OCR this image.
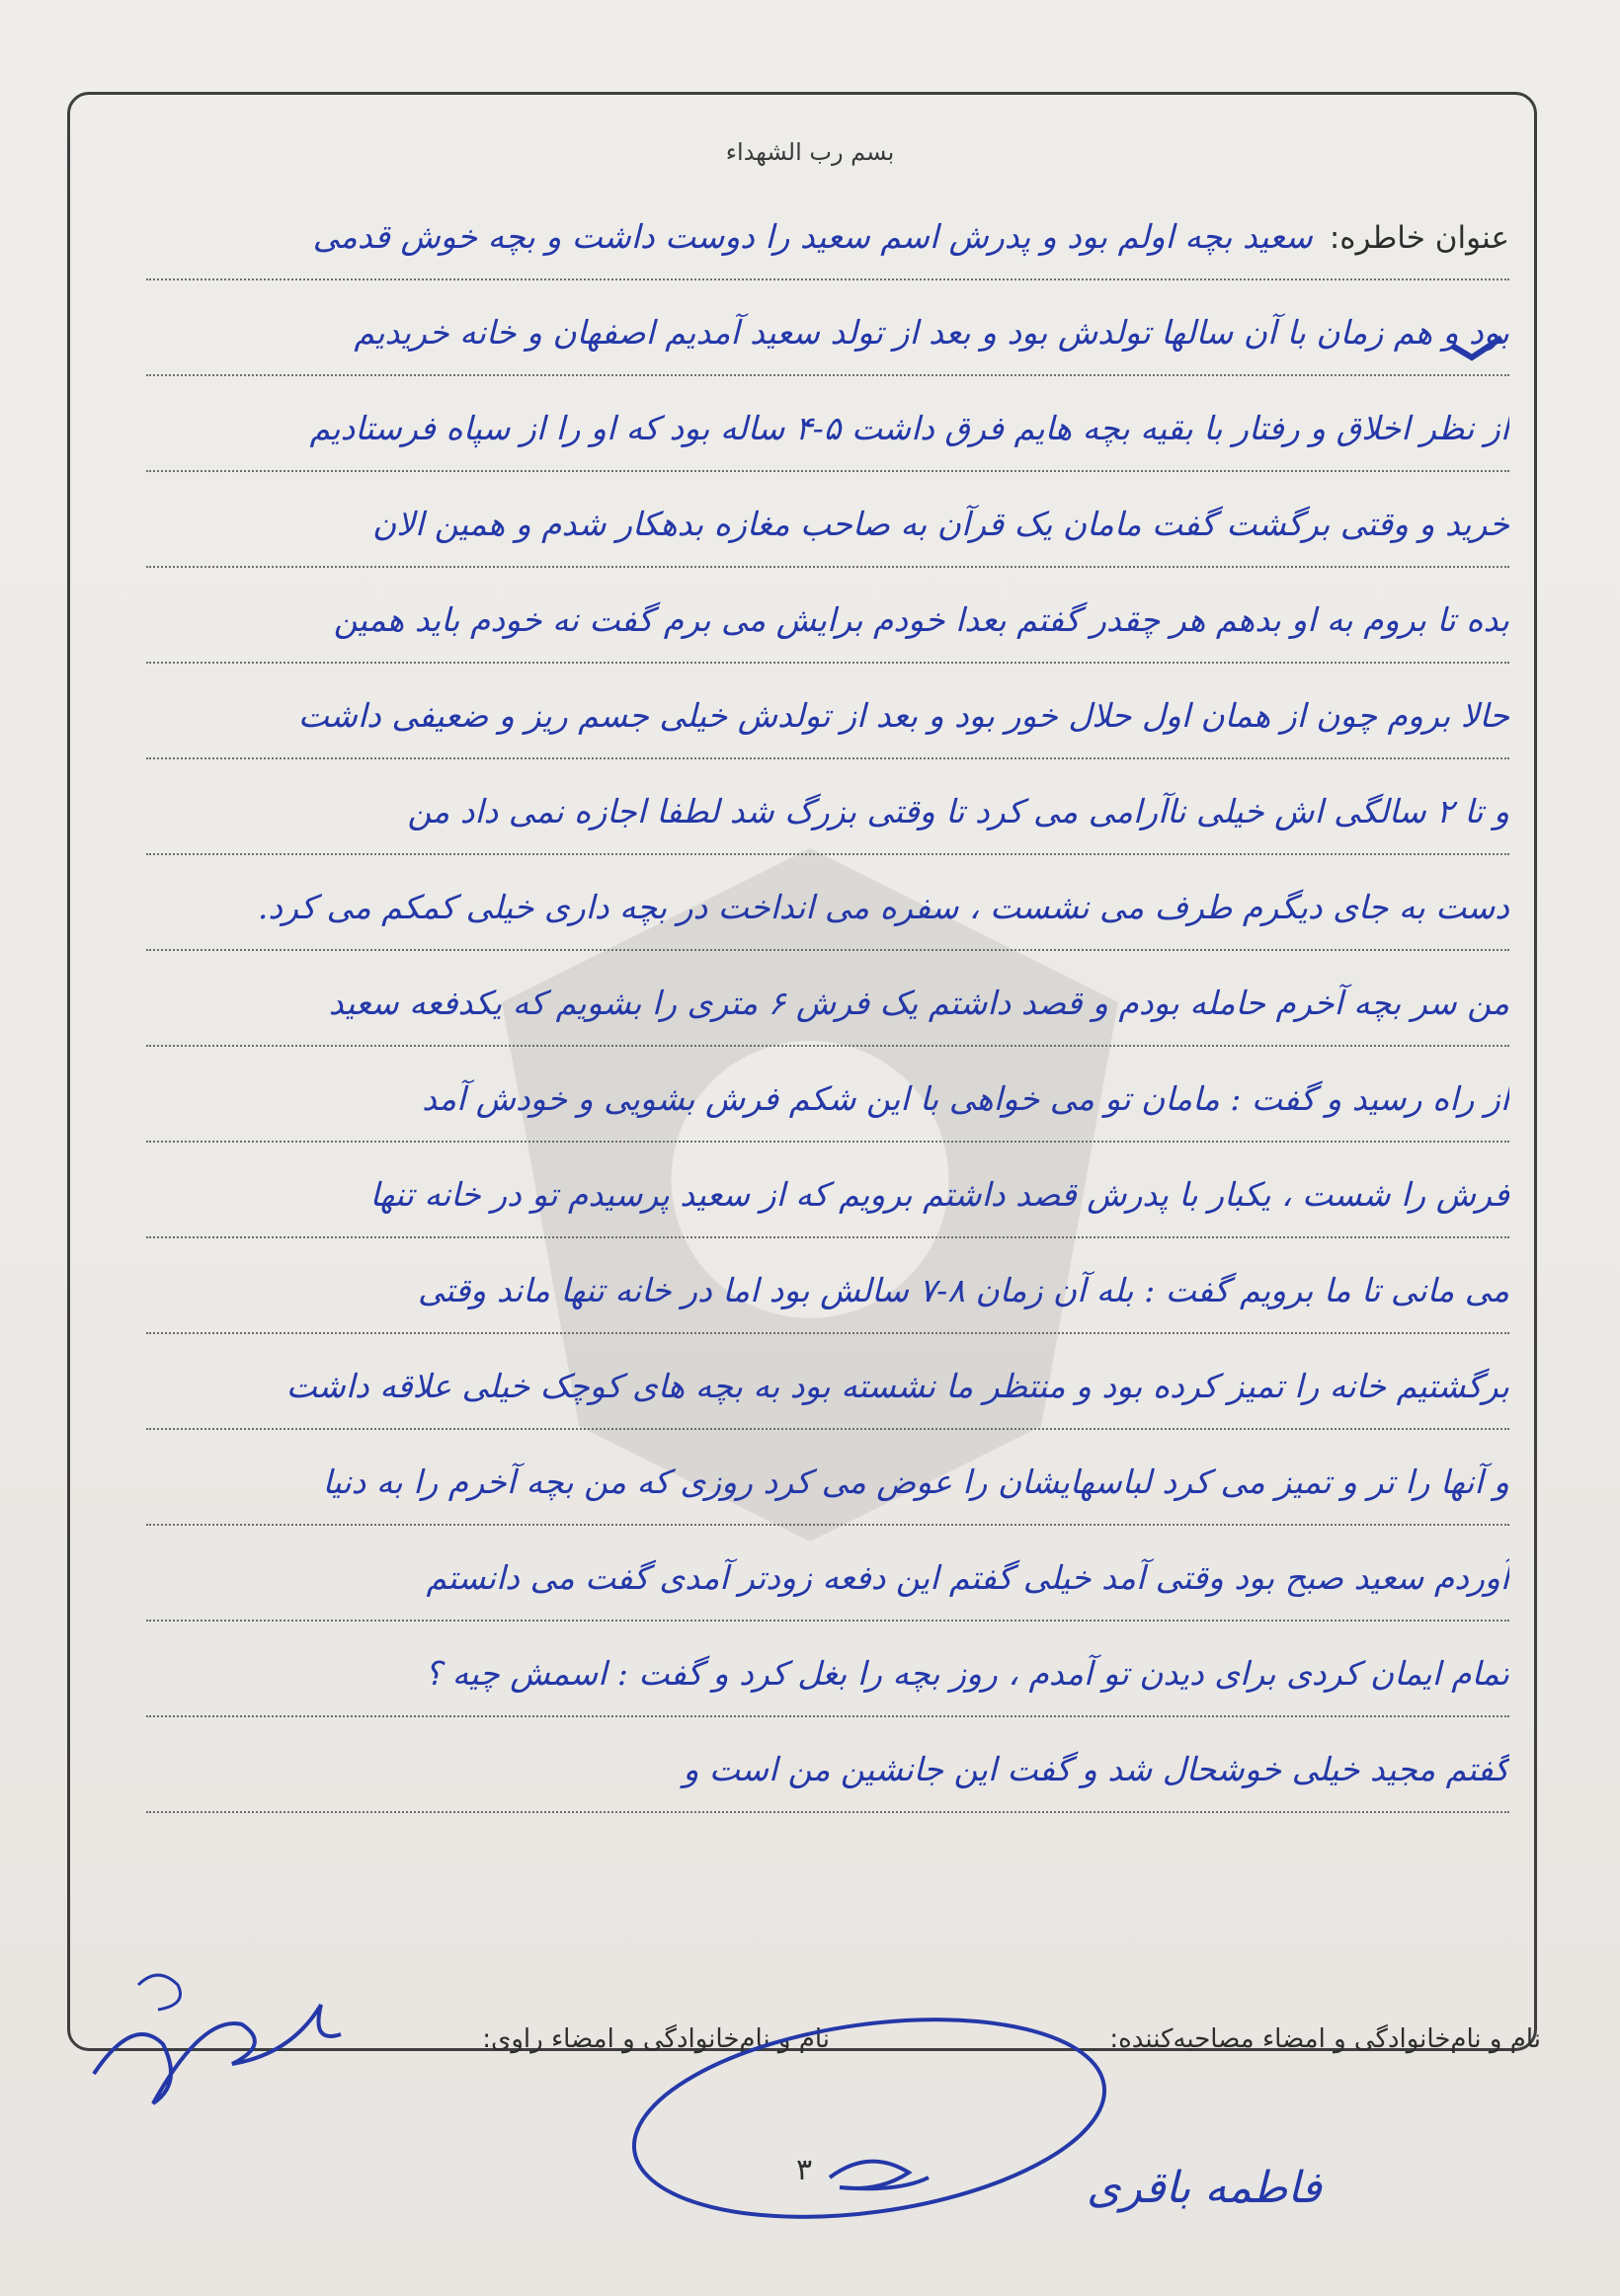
بسم رب الشهداء
عنوان خاطره: سعید بچه اولم بود و پدرش اسم سعید را دوست داشت و بچه خوش قدمی
بود و هم زمان با آن سالها تولدش بود و بعد از تولد سعید آمدیم اصفهان و خانه خریدیم
از نظر اخلاق و رفتار با بقیه بچه هایم فرق داشت ۵-۴ ساله بود که او را از سپاه فرستادیم
خرید و وقتی برگشت گفت مامان یک قرآن به صاحب مغازه بدهکار شدم و همین الان
بده تا بروم به او بدهم هر چقدر گفتم بعدا خودم برایش می برم گفت نه خودم باید همین
حالا بروم چون از همان اول حلال خور بود و بعد از تولدش خیلی جسم ریز و ضعیفی داشت
و تا ۲ سالگی اش خیلی ناآرامی می کرد تا وقتی بزرگ شد لطفا اجازه نمی داد من
دست به جای دیگرم طرف می نشست ، سفره می انداخت در بچه داری خیلی کمکم می کرد.
من سر بچه آخرم حامله بودم و قصد داشتم یک فرش ۶ متری را بشویم که یکدفعه سعید
از راه رسید و گفت : مامان تو می خواهی با این شکم فرش بشویی و خودش آمد
فرش را شست ، یکبار با پدرش قصد داشتم برویم که از سعید پرسیدم تو در خانه تنها
می مانی تا ما برویم گفت : بله آن زمان ۸-۷ سالش بود اما در خانه تنها ماند وقتی
برگشتیم خانه را تمیز کرده بود و منتظر ما نشسته بود به بچه های کوچک خیلی علاقه داشت
و آنها را تر و تمیز می کرد لباسهایشان را عوض می کرد روزی که من بچه آخرم را به دنیا
آوردم سعید صبح بود وقتی آمد خیلی گفتم این دفعه زودتر آمدی گفت می دانستم
تمام ایمان کردی برای دیدن تو آمدم ، روز بچه را بغل کرد و گفت : اسمش چیه ؟
گفتم مجید خیلی خوشحال شد و گفت این جانشین من است و
نام و نام‌خانوادگی و امضاء مصاحبه‌کننده:
نام و نام‌خانوادگی و امضاء راوی:
۳	فاطمه باقری
